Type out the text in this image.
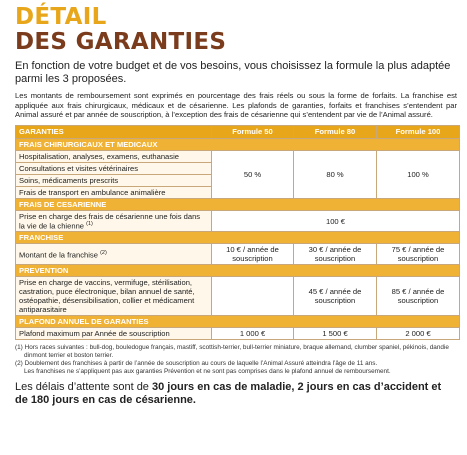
DÉTAIL
DES GARANTIES

En fonction de votre budget et de vos besoins, vous choisissez la formule la plus adaptée parmi les 3 proposées.

Les montants de remboursement sont exprimés en pourcentage des frais réels ou sous la forme de forfaits. La franchise est appliquée aux frais chirurgicaux, médicaux et de césarienne. Les plafonds de garanties, forfaits et franchises s’entendent par Animal assuré et par année de souscription, à l’exception des frais de césarienne qui s’entendent par vie de l’Animal assuré.

GARANTIES	Formule 50	Formule 80	Formule 100
FRAIS CHIRURGICAUX ET MEDICAUX			
Hospitalisation, analyses, examens, euthanasie	50 %	80 %	100 %
Consultations et visites vétérinaires			
Soins, médicaments prescrits			
Frais de transport en ambulance animalière			
FRAIS DE CESARIENNE			
Prise en charge des frais de césarienne une fois dans la vie de la chienne $^{(1)}$	100 €		
FRANCHISE			
Montant de la franchise $^{(2)}$	10 € / année de souscription	30 € / année de souscription	75 € / année de souscription
PREVENTION			
Prise en charge de vaccins, vermifuge, stérilisation, castration, puce électronique, bilan annuel de santé, ostéopathie, désensibilisation, collier et médicament antiparasitaire		45 € / année de souscription	85 € / année de souscription
PLAFOND ANNUEL DE GARANTIES			
Plafond maximum par Année de souscription	1 000 €	1 500 €	2 000 €

(1) Hors races suivantes : bull-dog, bouledogue français, mastiff, scottish-terrier, bull-terrier miniature, braque allemand, clumber spaniel, pékinois, dandie dinmont terrier et boston terrier.

(2) Doublement des franchises à partir de l’année de souscription au cours de laquelle l’Animal Assuré atteindra l’âge de 11 ans.

Les franchises ne s’appliquent pas aux garanties Prévention et ne sont pas comprises dans le plafond annuel de remboursement.

Les délais d’attente sont de 30 jours en cas de maladie, 2 jours en cas d’accident et de 180 jours en cas de césarienne.
